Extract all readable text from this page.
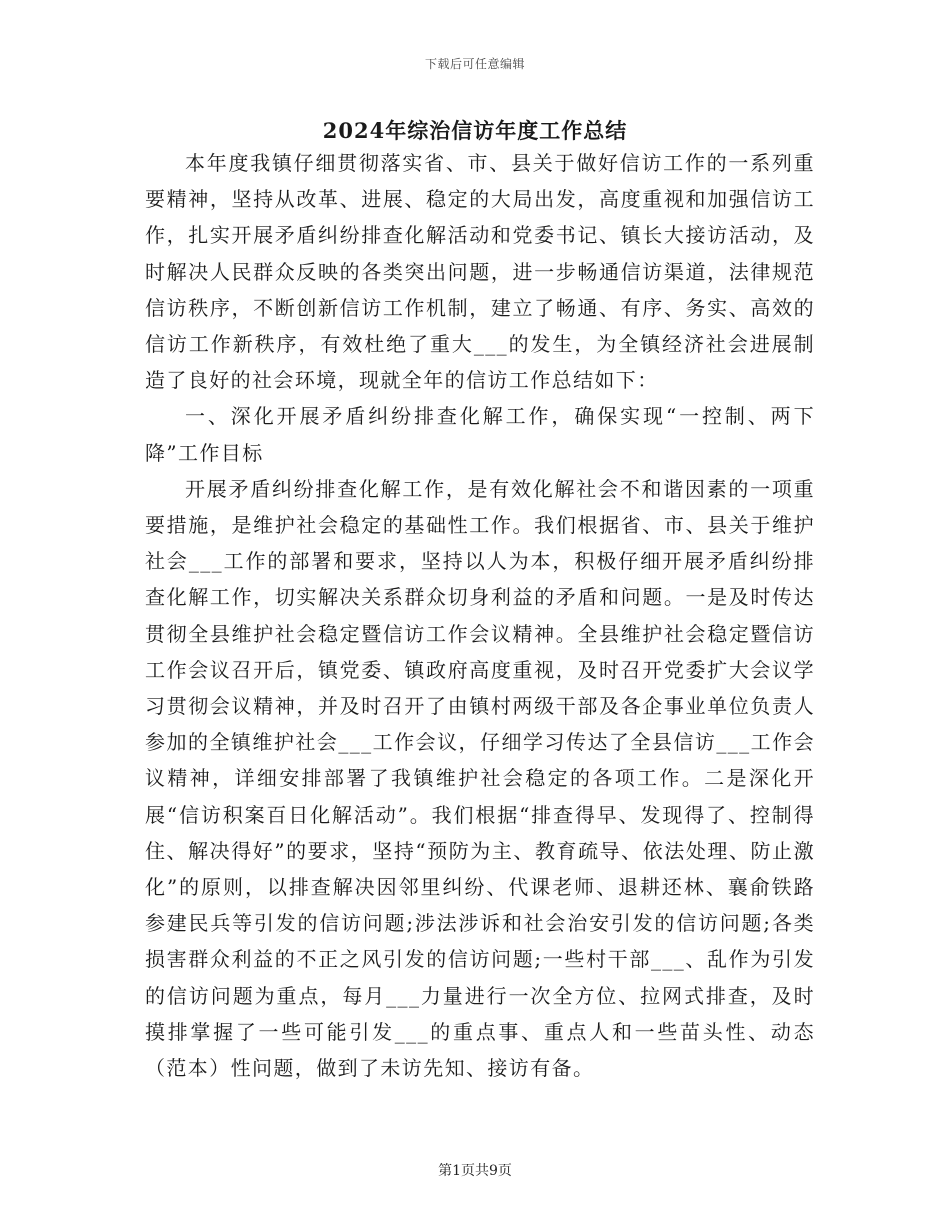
下载后可任意编辑
2024年综治信访年度工作总结

本年度我镇仔细贯彻落实省、市、县关于做好信访工作的一系列重要精神，坚持从改革、进展、稳定的大局出发，高度重视和加强信访工作，扎实开展矛盾纠纷排查化解活动和党委书记、镇长大接访活动，及时解决人民群众反映的各类突出问题，进一步畅通信访渠道，法律规范信访秩序，不断创新信访工作机制，建立了畅通、有序、务实、高效的信访工作新秩序，有效杜绝了重大___的发生，为全镇经济社会进展制造了良好的社会环境，现就全年的信访工作总结如下：

一、深化开展矛盾纠纷排查化解工作，确保实现“一控制、两下降”工作目标

开展矛盾纠纷排查化解工作，是有效化解社会不和谐因素的一项重要措施，是维护社会稳定的基础性工作。我们根据省、市、县关于维护社会___工作的部署和要求，坚持以人为本，积极仔细开展矛盾纠纷排查化解工作，切实解决关系群众切身利益的矛盾和问题。一是及时传达贯彻全县维护社会稳定暨信访工作会议精神。全县维护社会稳定暨信访工作会议召开后，镇党委、镇政府高度重视，及时召开党委扩大会议学习贯彻会议精神，并及时召开了由镇村两级干部及各企事业单位负责人参加的全镇维护社会___工作会议，仔细学习传达了全县信访___工作会议精神，详细安排部署了我镇维护社会稳定的各项工作。二是深化开展“信访积案百日化解活动”。我们根据“排查得早、发现得了、控制得住、解决得好”的要求，坚持“预防为主、教育疏导、依法处理、防止激化”的原则，以排查解决因邻里纠纷、代课老师、退耕还林、襄俞铁路参建民兵等引发的信访问题;涉法涉诉和社会治安引发的信访问题;各类损害群众利益的不正之风引发的信访问题;一些村干部___、乱作为引发的信访问题为重点，每月___力量进行一次全方位、拉网式排查，及时摸排掌握了一些可能引发___的重点事、重点人和一些苗头性、动态（范本）性问题，做到了未访先知、接访有备。

第1页共9页
